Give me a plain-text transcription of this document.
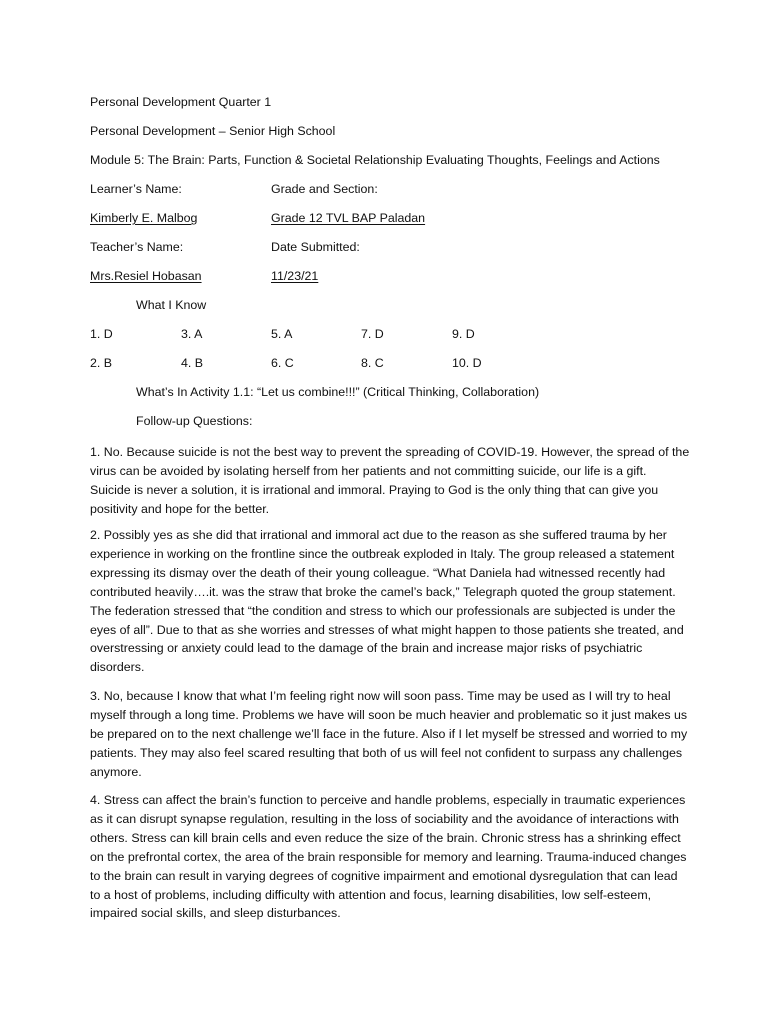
Personal Development Quarter 1
Personal Development – Senior High School
Module 5: The Brain: Parts, Function & Societal Relationship Evaluating Thoughts, Feelings and Actions
Learner’s Name:	Grade and Section:
Kimberly E. Malbog	Grade 12 TVL BAP Paladan
Teacher’s Name:	Date Submitted:
Mrs.Resiel Hobasan	11/23/21
What I Know
1. D	3. A	5. A	7. D	9. D
2. B	4. B	6. C	8. C	10. D
What’s In Activity 1.1: “Let us combine!!!” (Critical Thinking, Collaboration)
Follow-up Questions:
1. No. Because suicide is not the best way to prevent the spreading of COVID-19. However, the spread of the virus can be avoided by isolating herself from her patients and not committing suicide, our life is a gift. Suicide is never a solution, it is irrational and immoral. Praying to God is the only thing that can give you positivity and hope for the better.
2. Possibly yes as she did that irrational and immoral act due to the reason as she suffered trauma by her experience in working on the frontline since the outbreak exploded in Italy. The group released a statement expressing its dismay over the death of their young colleague. “What Daniela had witnessed recently had contributed heavily….it. was the straw that broke the camel’s back,” Telegraph quoted the group statement. The federation stressed that “the condition and stress to which our professionals are subjected is under the eyes of all”. Due to that as she worries and stresses of what might happen to those patients she treated, and overstressing or anxiety could lead to the damage of the brain and increase major risks of psychiatric disorders.
3. No, because I know that what I’m feeling right now will soon pass. Time may be used as I will try to heal myself through a long time. Problems we have will soon be much heavier and problematic so it just makes us be prepared on to the next challenge we’ll face in the future. Also if I let myself be stressed and worried to my patients. They may also feel scared resulting that both of us will feel not confident to surpass any challenges anymore.
4. Stress can affect the brain’s function to perceive and handle problems, especially in traumatic experiences as it can disrupt synapse regulation, resulting in the loss of sociability and the avoidance of interactions with others. Stress can kill brain cells and even reduce the size of the brain. Chronic stress has a shrinking effect on the prefrontal cortex, the area of the brain responsible for memory and learning. Trauma-induced changes to the brain can result in varying degrees of cognitive impairment and emotional dysregulation that can lead to a host of problems, including difficulty with attention and focus, learning disabilities, low self-esteem, impaired social skills, and sleep disturbances.
